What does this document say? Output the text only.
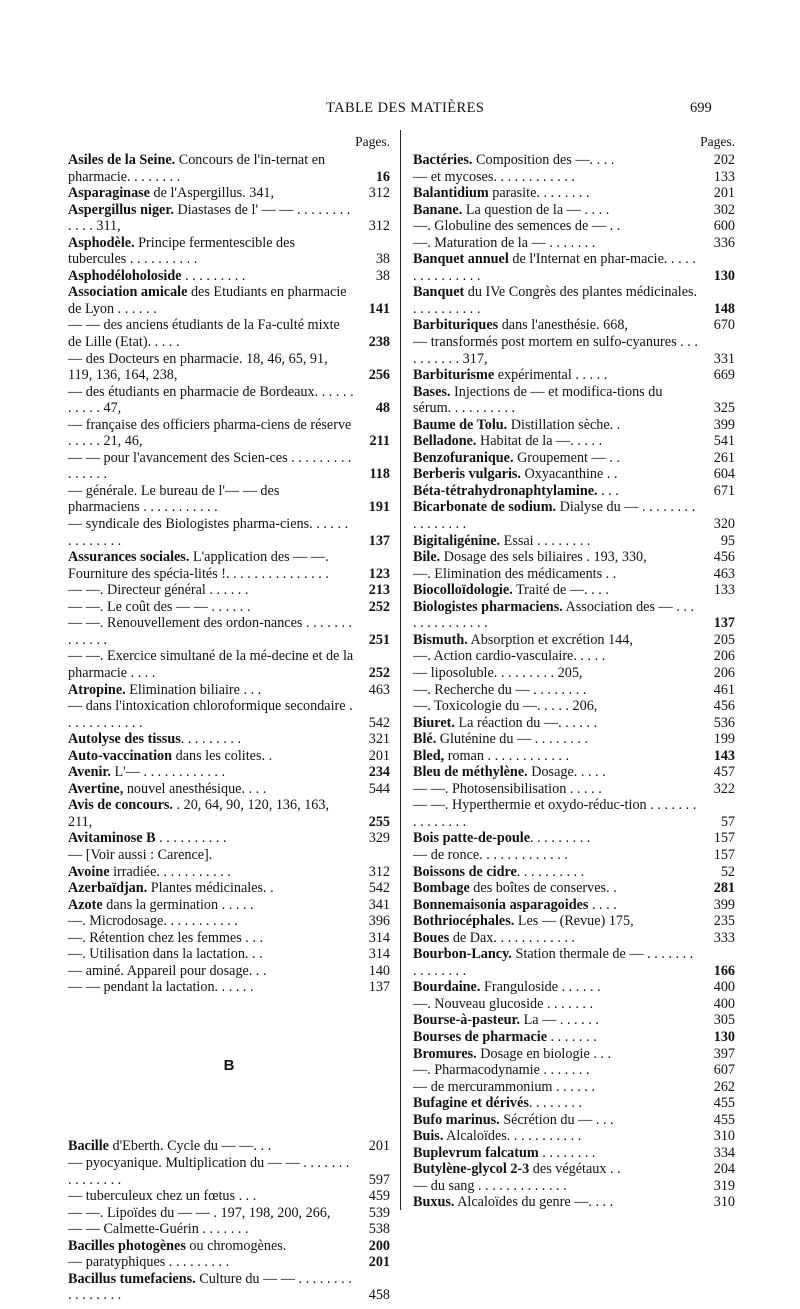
TABLE DES MATIÈRES	699
Pages.
Asiles de la Seine. Concours de l'in-ternat en pharmacie. . . . . . . .	16
Asparaginase de l'Aspergillus. 341,	312
Aspergillus niger. Diastases de l' — — . . . . . . . . . . . . 311,	312
Asphodèle. Principe fermentescible des tubercules . . . . . . . . . .	38
Asphodéloholoside . . . . . . . . .	38
Association amicale des Etudiants en pharmacie de Lyon . . . . . .	141
— — des anciens étudiants de la Fa-culté mixte de Lille (Etat). . . . .	238
— des Docteurs en pharmacie. 18, 46, 65, 91, 119, 136, 164, 238,	256
— des étudiants en pharmacie de Bordeaux. . . . . . . . . . . 47,	48
— française des officiers pharma-ciens de réserve . . . . . 21, 46,	211
— — pour l'avancement des Scien-ces . . . . . . . . . . . . . . .	118
— générale. Le bureau de l'— — des pharmaciens . . . . . . . . . . .	191
— syndicale des Biologistes pharma-ciens. . . . . . . . . . . . . .	137
Assurances sociales. L'application des — —. Fourniture des spécia-lités !. . . . . . . . . . . . . . .	123
— —. Directeur général . . . . . .	213
— —. Le coût des — — . . . . . .	252
— —. Renouvellement des ordon-nances . . . . . . . . . . . . .	251
— —. Exercice simultané de la mé-decine et de la pharmacie . . . .	252
Atropine. Elimination biliaire . . .	463
— dans l'intoxication chloroformique secondaire . . . . . . . . . . . .	542
Autolyse des tissus. . . . . . . . .	321
Auto-vaccination dans les colites. .	201
Avenir. L'— . . . . . . . . . . . .	234
Avertine, nouvel anesthésique. . . .	544
Avis de concours. . 20, 64, 90, 120, 136, 163, 211,	255
Avitaminose B . . . . . . . . . .	329
— [Voir aussi : Carence].
Avoine irradiée. . . . . . . . . . .	312
Azerbaïdjan. Plantes médicinales. .	542
Azote dans la germination . . . . .	341
—. Microdosage. . . . . . . . . . .	396
—. Rétention chez les femmes . . .	314
—. Utilisation dans la lactation. . .	314
— aminé. Appareil pour dosage. . .	140
— — pendant la lactation. . . . . .	137
B
Bacille d'Eberth. Cycle du — —. . .	201
— pyocyanique. Multiplication du — — . . . . . . . . . . . . . . .	597
— tuberculeux chez un fœtus . . .	459
— —. Lipoïdes du — — . 197, 198, 200, 266,	539
— — Calmette-Guérin . . . . . . .	538
Bacilles photogènes ou chromogènes.	200
— paratyphiques . . . . . . . . .	201
Bacillus tumefaciens. Culture du — — . . . . . . . . . . . . . . . .	458
Pages.
Bactéries. Composition des —. . . .	202
— et mycoses. . . . . . . . . . . .	133
Balantidium parasite. . . . . . . .	201
Banane. La question de la — . . . .	302
—. Globuline des semences de — . .	600
—. Maturation de la — . . . . . . .	336
Banquet annuel de l'Internat en phar-macie. . . . . . . . . . . . . . .	130
Banquet du IVe Congrès des plantes médicinales. . . . . . . . . . .	148
Barbituriques dans l'anesthésie. 668,	670
— transformés post mortem en sulfo-cyanures . . . . . . . . . . 317,	331
Barbiturisme expérimental . . . . .	669
Bases. Injections de — et modifica-tions du sérum. . . . . . . . . .	325
Baume de Tolu. Distillation sèche. .	399
Belladone. Habitat de la —. . . . .	541
Benzofuranique. Groupement — . .	261
Berberis vulgaris. Oxyacanthine . .	604
Béta-tétrahydronaphtylamine. . . .	671
Bicarbonate de sodium. Dialyse du — . . . . . . . . . . . . . . . .	320
Bigitaligénine. Essai . . . . . . . .	95
Bile. Dosage des sels biliaires . 193, 330,	456
—. Elimination des médicaments . .	463
Biocolloïdologie. Traité de —. . . .	133
Biologistes pharmaciens. Association des — . . . . . . . . . . . . . .	137
Bismuth. Absorption et excrétion 144,	205
—. Action cardio-vasculaire. . . . .	206
— liposoluble. . . . . . . . . 205,	206
—. Recherche du — . . . . . . . .	461
—. Toxicologie du —. . . . . 206,	456
Biuret. La réaction du —. . . . . .	536
Blé. Gluténine du — . . . . . . . .	199
Bled, roman . . . . . . . . . . . .	143
Bleu de méthylène. Dosage. . . . .	457
— —. Photosensibilisation . . . . .	322
— —. Hyperthermie et oxydo-réduc-tion . . . . . . . . . . . . . . .	57
Bois patte-de-poule. . . . . . . . .	157
— de ronce. . . . . . . . . . . . .	157
Boissons de cidre. . . . . . . . . .	52
Bombage des boîtes de conserves. .	281
Bonnemaisonia asparagoides . . . .	399
Bothriocéphales. Les — (Revue) 175,	235
Boues de Dax. . . . . . . . . . . .	333
Bourbon-Lancy. Station thermale de — . . . . . . . . . . . . . . .	166
Bourdaine. Franguloside . . . . . .	400
—. Nouveau glucoside . . . . . . .	400
Bourse-à-pasteur. La — . . . . . .	305
Bourses de pharmacie . . . . . . .	130
Bromures. Dosage en biologie . . .	397
—. Pharmacodynamie . . . . . . .	607
— de mercurammonium . . . . . .	262
Bufagine et dérivés. . . . . . . .	455
Bufo marinus. Sécrétion du — . . .	455
Buis. Alcaloïdes. . . . . . . . . . .	310
Buplevrum falcatum . . . . . . . .	334
Butylène-glycol 2-3 des végétaux . .	204
— du sang . . . . . . . . . . . . .	319
Buxus. Alcaloïdes du genre —. . . .	310
